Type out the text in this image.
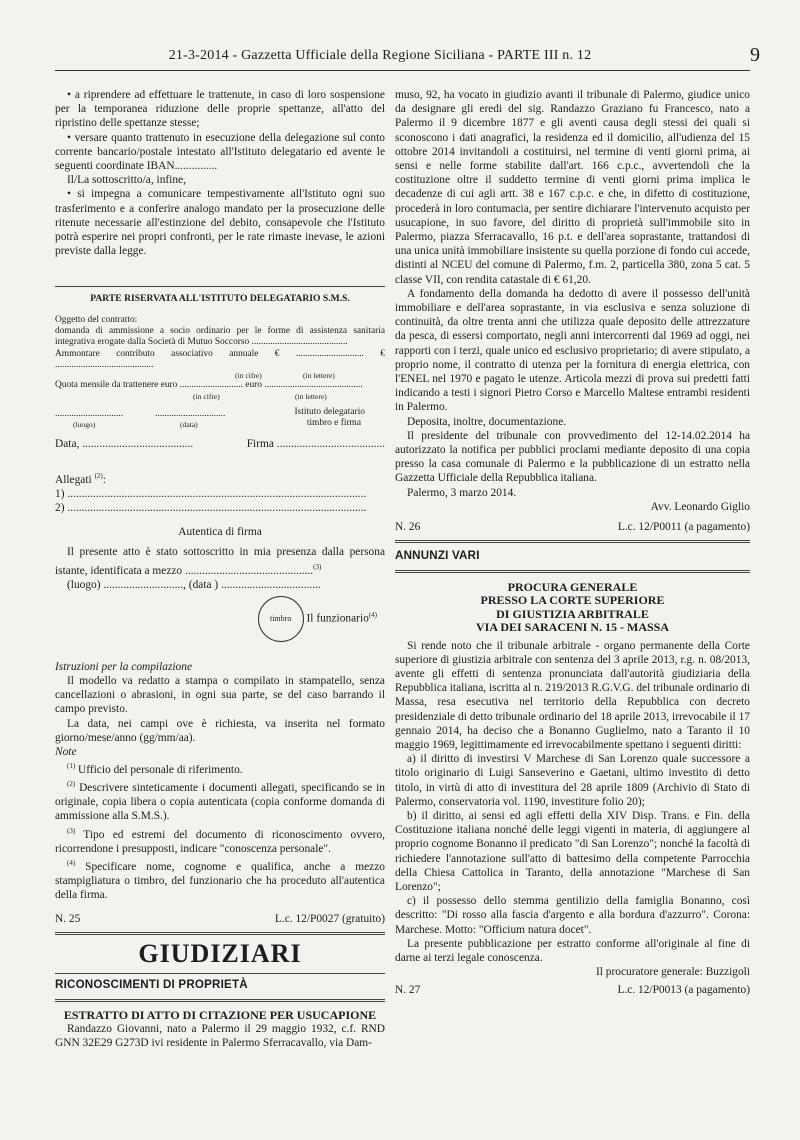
21-3-2014 - Gazzetta Ufficiale della Regione Siciliana - PARTE III n. 12	9

• a riprendere ad effettuare le trattenute, in caso di loro sospensione per la temporanea riduzione delle proprie spettanze, all'atto del ripristino delle spettanze stesse;

• versare quanto trattenuto in esecuzione della delegazione sul conto corrente bancario/postale intestato all'Istituto delegatario ed avente le seguenti coordinate IBAN...............

Il/La sottoscritto/a, infine,

• si impegna a comunicare tempestivamente all'Istituto ogni suo trasferimento e a conferire analogo mandato per la prosecuzione delle ritenute necessarie all'estinzione del debito, consapevole che l'Istituto potrà esperire nei propri confronti, per le rate rimaste inevase, le azioni previste dalla legge.

PARTE RISERVATA ALL'ISTITUTO DELEGATARIO S.M.S.

Oggetto del contratto:

domanda di ammissione a socio ordinario per le forme di assistenza sanitaria integrativa erogate dalla Società di Mutuo Soccorso .........................................

Ammontare contributo associativo annuale € ............................. € ..........................................

(in cifre)	(in lettere)

Quota mensile da trattenere euro ........................... euro ..........................................

(in cifre)	(in lettere)
.............................	..............................	Istituto delegatario
(luogo)	(data)	timbro e firma
Data, .......................................	Firma ......................................

Allegati $^{(2)}$:

1) .........................................................................................................

2) .........................................................................................................

Autentica di firma

Il presente atto è stato sottoscritto in mia presenza dalla persona istante, identificata a mezzo .............................................$^{(3)}$

(luogo) ............................, (data ) ...................................

timbro Il funzionario$^{(4)}$

Istruzioni per la compilazione

Il modello va redatto a stampa o compilato in stampatello, senza cancellazioni o abrasioni, in ogni sua parte, se del caso barrando il campo previsto.

La data, nei campi ove è richiesta, va inserita nel formato giorno/mese/anno (gg/mm/aa).

Note

$^{(1)}$ Ufficio del personale di riferimento.

$^{(2)}$ Descrivere sinteticamente i documenti allegati, specificando se in originale, copia libera o copia autenticata (copia conforme domanda di ammissione alla S.M.S.).

$^{(3)}$ Tipo ed estremi del documento di riconoscimento ovvero, ricorrendone i presupposti, indicare "conoscenza personale".

$^{(4)}$ Specificare nome, cognome e qualifica, anche a mezzo stampigliatura o timbro, del funzionario che ha proceduto all'autentica della firma.

N. 25	L.c. 12/P0027 (gratuito)
GIUDIZIARI

RICONOSCIMENTI DI PROPRIETÀ

ESTRATTO DI ATTO DI CITAZIONE PER USUCAPIONE

Randazzo Giovanni, nato a Palermo il 29 maggio 1932, c.f. RND GNN 32E29 G273D ivi residente in Palermo Sferracavallo, via Dam-

muso, 92, ha vocato in giudizio avanti il tribunale di Palermo, giudice unico da designare gli eredi del sig. Randazzo Graziano fu Francesco, nato a Palermo il 9 dicembre 1877 e gli aventi causa degli stessi dei quali si sconoscono i dati anagrafici, la residenza ed il domicilio, all'udienza del 15 ottobre 2014 invitandoli a costituirsi, nel termine di venti giorni prima, ai sensi e nelle forme stabilite dall'art. 166 c.p.c., avvertendoli che la costituzione oltre il suddetto termine di venti giorni prima implica le decadenze di cui agli artt. 38 e 167 c.p.c. e che, in difetto di costituzione, procederà in loro contumacia, per sentire dichiarare l'intervenuto acquisto per usucapione, in suo favore, del diritto di proprietà sull'immobile sito in Palermo, piazza Sferracavallo, 16 p.t. e dell'area soprastante, trattandosi di una unica unità immobiliare insistente su quella porzione di fondo cui accede, distinti al NCEU del comune di Palermo, f.m. 2, particella 380, zona 5 cat. 5 classe VII, con rendita catastale di € 61,20.

A fondamento della domanda ha dedotto di avere il possesso dell'unità immobiliare e dell'area soprastante, in via esclusiva e senza soluzione di continuità, da oltre trenta anni che utilizza quale deposito delle attrezzature da pesca, di essersi comportato, negli anni intercorrenti dal 1969 ad oggi, nei rapporti con i terzi, quale unico ed esclusivo proprietario; di avere stipulato, a proprio nome, il contratto di utenza per la fornitura di energia elettrica, con l'ENEL nel 1970 e pagato le utenze. Articola mezzi di prova sui predetti fatti indicando a testi i signori Pietro Corso e Marcello Maltese entrambi residenti in Palermo.

Deposita, inoltre, documentazione.

Il presidente del tribunale con provvedimento del 12-14.02.2014 ha autorizzato la notifica per pubblici proclami mediante deposito di una copia presso la casa comunale di Palermo e la pubblicazione di un estratto nella Gazzetta Ufficiale della Repubblica italiana.

Palermo, 3 marzo 2014.

Avv. Leonardo Giglio

N. 26	L.c. 12/P0011 (a pagamento)

ANNUNZI VARI

PROCURA GENERALE

PRESSO LA CORTE SUPERIORE

DI GIUSTIZIA ARBITRALE

VIA DEI SARACENI N. 15 - MASSA

Si rende noto che il tribunale arbitrale - organo permanente della Corte superiore di giustizia arbitrale con sentenza del 3 aprile 2013, r.g. n. 08/2013, avente gli effetti di sentenza pronunciata dall'autorità giudiziaria della Repubblica italiana, iscritta al n. 219/2013 R.G.V.G. del tribunale ordinario di Massa, resa esecutiva nel territorio della Repubblica con decreto presidenziale di detto tribunale ordinario del 18 aprile 2013, irrevocabile il 17 gennaio 2014, ha deciso che a Bonanno Guglielmo, nato a Taranto il 10 maggio 1969, legittimamente ed irrevocabilmente spettano i seguenti diritti:

a) il diritto di investirsi V Marchese di San Lorenzo quale successore a titolo originario di Luigi Sanseverino e Gaetani, ultimo investito di detto titolo, in virtù di atto di investitura del 28 aprile 1809 (Archivio di Stato di Palermo, conservatoria vol. 1190, investiture folio 20);

b) il diritto, ai sensi ed agli effetti della XIV Disp. Trans. e Fin. della Costituzione italiana nonché delle leggi vigenti in materia, di aggiungere al proprio cognome Bonanno il predicato "di San Lorenzo"; nonché la facoltà di richiedere l'annotazione sull'atto di battesimo della competente Parrocchia della Chiesa Cattolica in Taranto, della annotazione "Marchese di San Lorenzo";

c) il possesso dello stemma gentilizio della famiglia Bonanno, così descritto: "Di rosso alla fascia d'argento e alla bordura d'azzurro". Corona: Marchese. Motto: "Officium natura docet".

La presente pubblicazione per estratto conforme all'originale al fine di darne ai terzi legale conoscenza.

Il procuratore generale: Buzzigoli

N. 27	L.c. 12/P0013 (a pagamento)
